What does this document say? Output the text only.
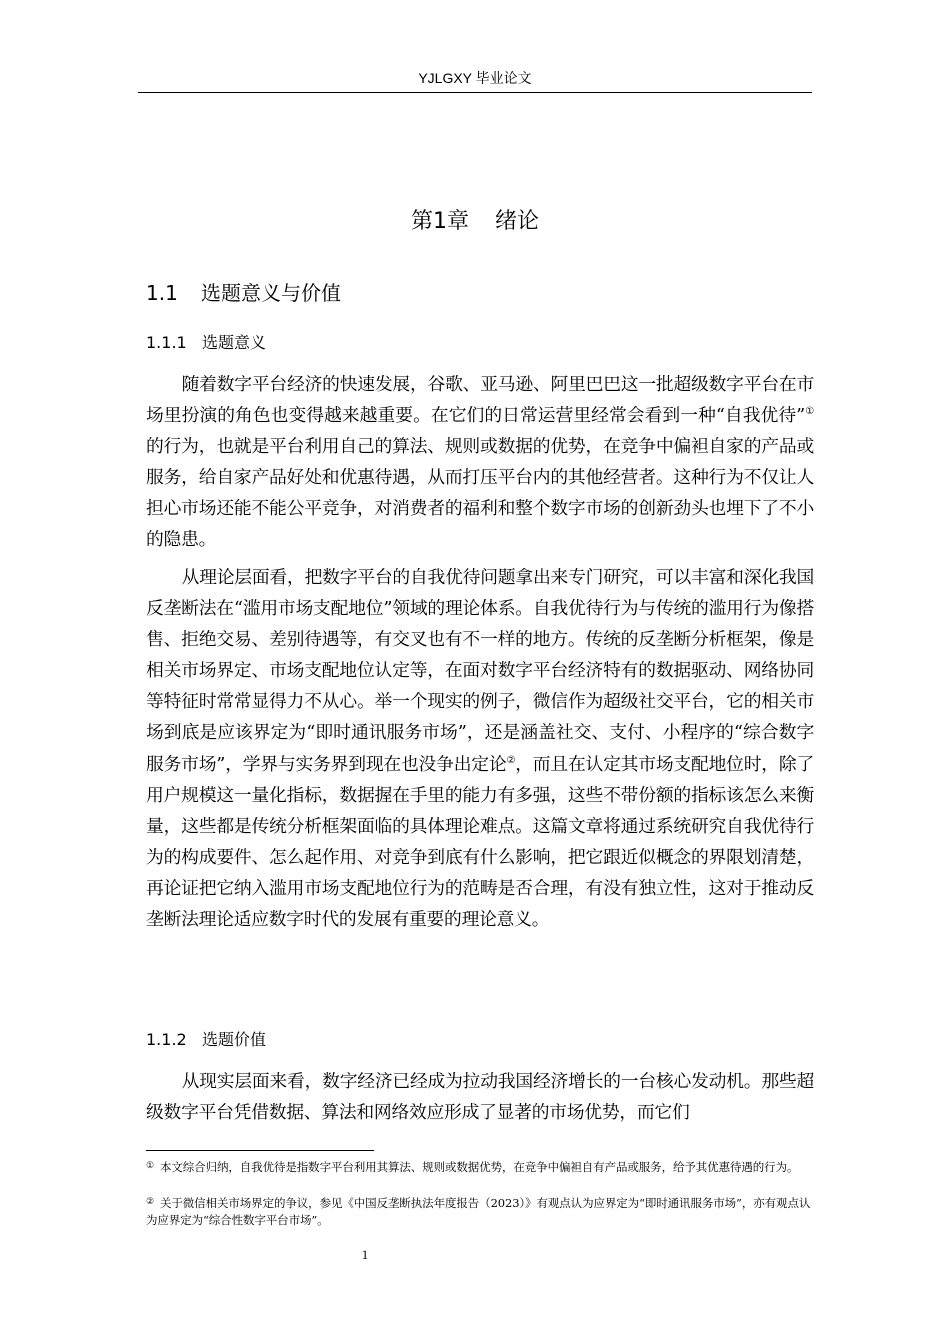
YJLGXY 毕业论文
第1章 绪论
1.1 选题意义与价值
1.1.1 选题意义

随着数字平台经济的快速发展，谷歌、亚马逊、阿里巴巴这一批超级数字平台在市场里扮演的角色也变得越来越重要。在它们的日常运营里经常会看到一种“自我优待”①的行为，也就是平台利用自己的算法、规则或数据的优势，在竞争中偏袒自家的产品或服务，给自家产品好处和优惠待遇，从而打压平台内的其他经营者。这种行为不仅让人担心市场还能不能公平竞争，对消费者的福利和整个数字市场的创新劲头也埋下了不小的隐患。

从理论层面看，把数字平台的自我优待问题拿出来专门研究，可以丰富和深化我国反垄断法在“滥用市场支配地位”领域的理论体系。自我优待行为与传统的滥用行为像搭售、拒绝交易、差别待遇等，有交叉也有不一样的地方。传统的反垄断分析框架，像是相关市场界定、市场支配地位认定等，在面对数字平台经济特有的数据驱动、网络协同等特征时常常显得力不从心。举一个现实的例子，微信作为超级社交平台，它的相关市场到底是应该界定为“即时通讯服务市场”，还是涵盖社交、支付、小程序的“综合数字服务市场”，学界与实务界到现在也没争出定论②，而且在认定其市场支配地位时，除了用户规模这一量化指标，数据握在手里的能力有多强，这些不带份额的指标该怎么来衡量，这些都是传统分析框架面临的具体理论难点。这篇文章将通过系统研究自我优待行为的构成要件、怎么起作用、对竞争到底有什么影响，把它跟近似概念的界限划清楚，再论证把它纳入滥用市场支配地位行为的范畴是否合理，有没有独立性，这对于推动反垄断法理论适应数字时代的发展有重要的理论意义。

1.1.2 选题价值

从现实层面来看，数字经济已经成为拉动我国经济增长的一台核心发动机。那些超级数字平台凭借数据、算法和网络效应形成了显著的市场优势，而它们

① 本文综合归纳，自我优待是指数字平台利用其算法、规则或数据优势，在竞争中偏袒自有产品或服务，给予其优惠待遇的行为。

② 关于微信相关市场界定的争议，参见《中国反垄断执法年度报告（2023）》有观点认为应界定为“即时通讯服务市场”，亦有观点认为应界定为“综合性数字平台市场”。

1
